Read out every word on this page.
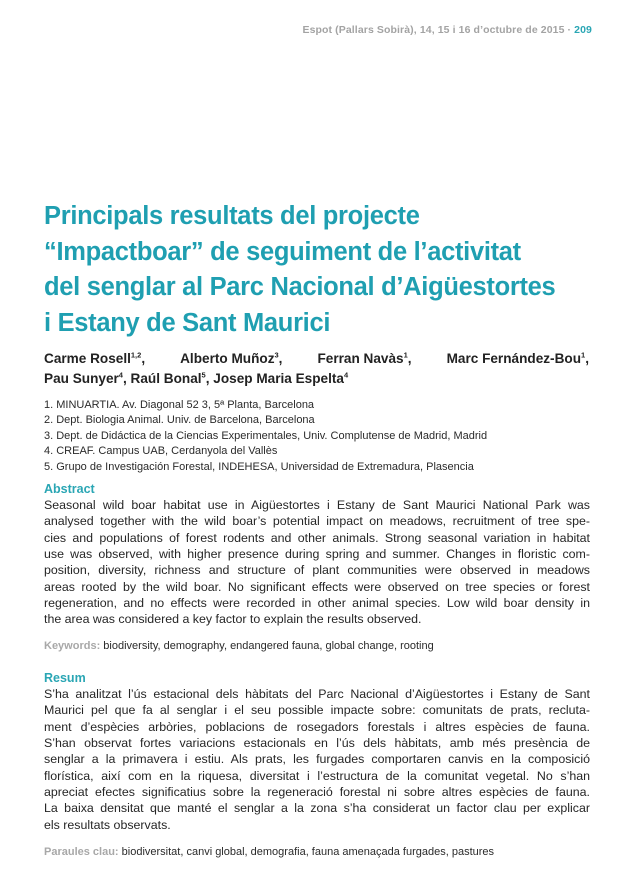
Espot (Pallars Sobirà), 14, 15 i 16 d’octubre de 2015 · 209
Principals resultats del projecte
“Impactboar” de seguiment de l’activitat
del senglar al Parc Nacional d’Aigüestortes
i Estany de Sant Maurici
Carme Rosell$^{1,2}$,	Alberto Muñoz$^3$,	Ferran Navàs$^1$,	Marc Fernández-Bou$^1$,
Pau Sunyer$^4$, Raúl Bonal$^5$, Josep Maria Espelta$^4$
1. MINUARTIA. Av. Diagonal 52 3, 5ª Planta, Barcelona
2. Dept. Biologia Animal. Univ. de Barcelona, Barcelona
3. Dept. de Didáctica de la Ciencias Experimentales, Univ. Complutense de Madrid, Madrid
4. CREAF. Campus UAB, Cerdanyola del Vallès
5. Grupo de Investigación Forestal, INDEHESA, Universidad de Extremadura, Plasencia
Abstract
Seasonal wild boar habitat use in Aigüestortes i Estany de Sant Maurici National Park was
analysed together with the wild boar’s potential impact on meadows, recruitment of tree spe-
cies and populations of forest rodents and other animals. Strong seasonal variation in habitat
use was observed, with higher presence during spring and summer. Changes in floristic com-
position, diversity, richness and structure of plant communities were observed in meadows
areas rooted by the wild boar. No significant effects were observed on tree species or forest
regeneration, and no effects were recorded in other animal species. Low wild boar density in
the area was considered a key factor to explain the results observed.
Keywords: biodiversity, demography, endangered fauna, global change, rooting
Resum
S’ha analitzat l’ús estacional dels hàbitats del Parc Nacional d’Aigüestortes i Estany de Sant
Maurici pel que fa al senglar i el seu possible impacte sobre: comunitats de prats, recluta-
ment d’espècies arbòries, poblacions de rosegadors forestals i altres espècies de fauna.
S’han observat fortes variacions estacionals en l’ús dels hàbitats, amb més presència de
senglar a la primavera i estiu. Als prats, les furgades comportaren canvis en la composició
florística, així com en la riquesa, diversitat i l’estructura de la comunitat vegetal. No s’han
apreciat efectes significatius sobre la regeneració forestal ni sobre altres espècies de fauna.
La baixa densitat que manté el senglar a la zona s’ha considerat un factor clau per explicar
els resultats observats.
Paraules clau: biodiversitat, canvi global, demografia, fauna amenaçada furgades, pastures
